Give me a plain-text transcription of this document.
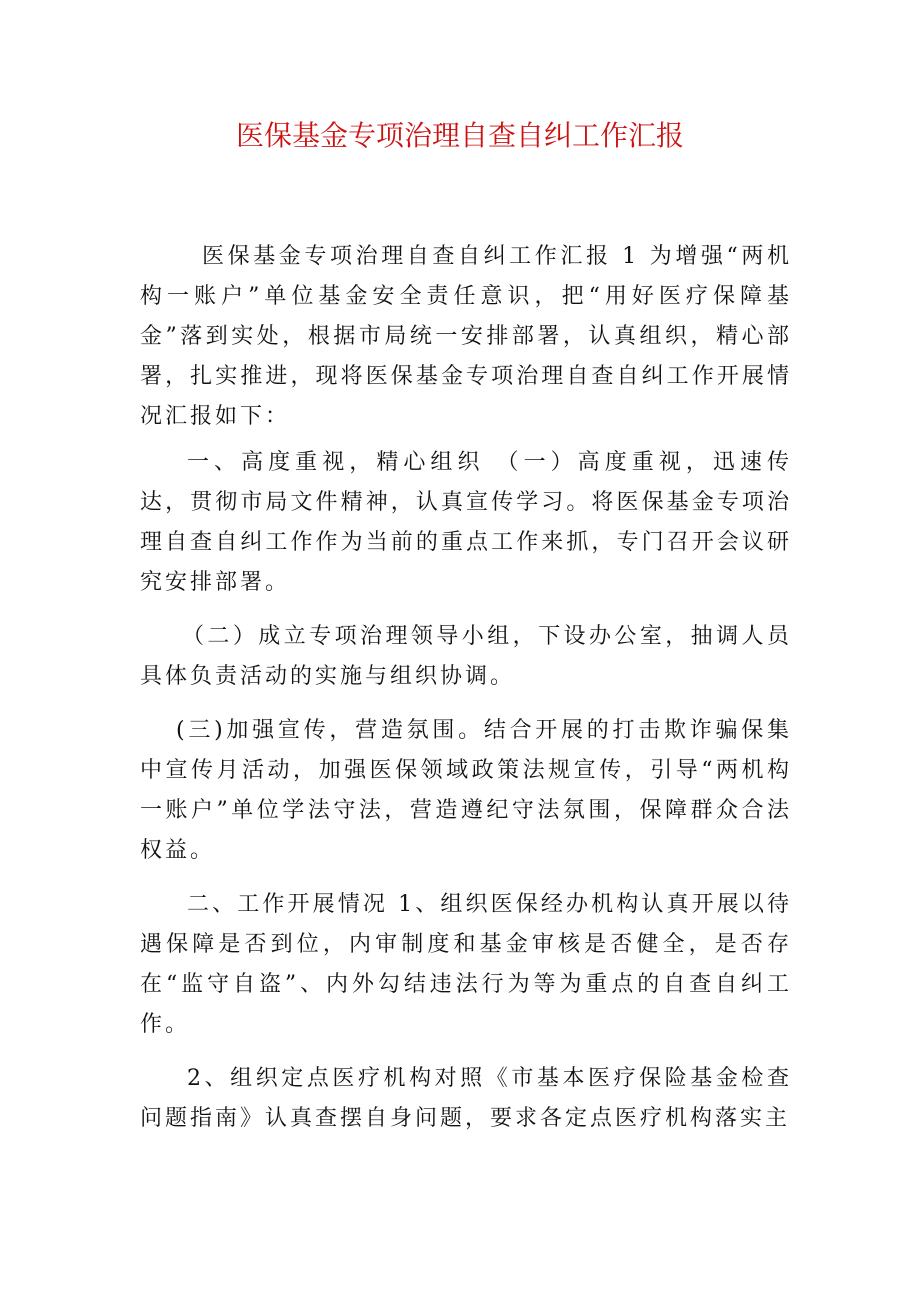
医保基金专项治理自查自纠工作汇报

医保基金专项治理自查自纠工作汇报 1 为增强“两机构一账户”单位基金安全责任意识，把“用好医疗保障基金”落到实处，根据市局统一安排部署，认真组织，精心部署，扎实推进，现将医保基金专项治理自查自纠工作开展情况汇报如下：

一、高度重视，精心组织 （一）高度重视，迅速传达，贯彻市局文件精神，认真宣传学习。将医保基金专项治理自查自纠工作作为当前的重点工作来抓，专门召开会议研究安排部署。

（二）成立专项治理领导小组，下设办公室，抽调人员具体负责活动的实施与组织协调。

(三)加强宣传，营造氛围。结合开展的打击欺诈骗保集中宣传月活动，加强医保领域政策法规宣传，引导“两机构一账户”单位学法守法，营造遵纪守法氛围，保障群众合法权益。

二、工作开展情况 1、组织医保经办机构认真开展以待遇保障是否到位，内审制度和基金审核是否健全，是否存在“监守自盗”、内外勾结违法行为等为重点的自查自纠工作。

2、组织定点医疗机构对照《市基本医疗保险基金检查问题指南》认真查摆自身问题，要求各定点医疗机构落实主
